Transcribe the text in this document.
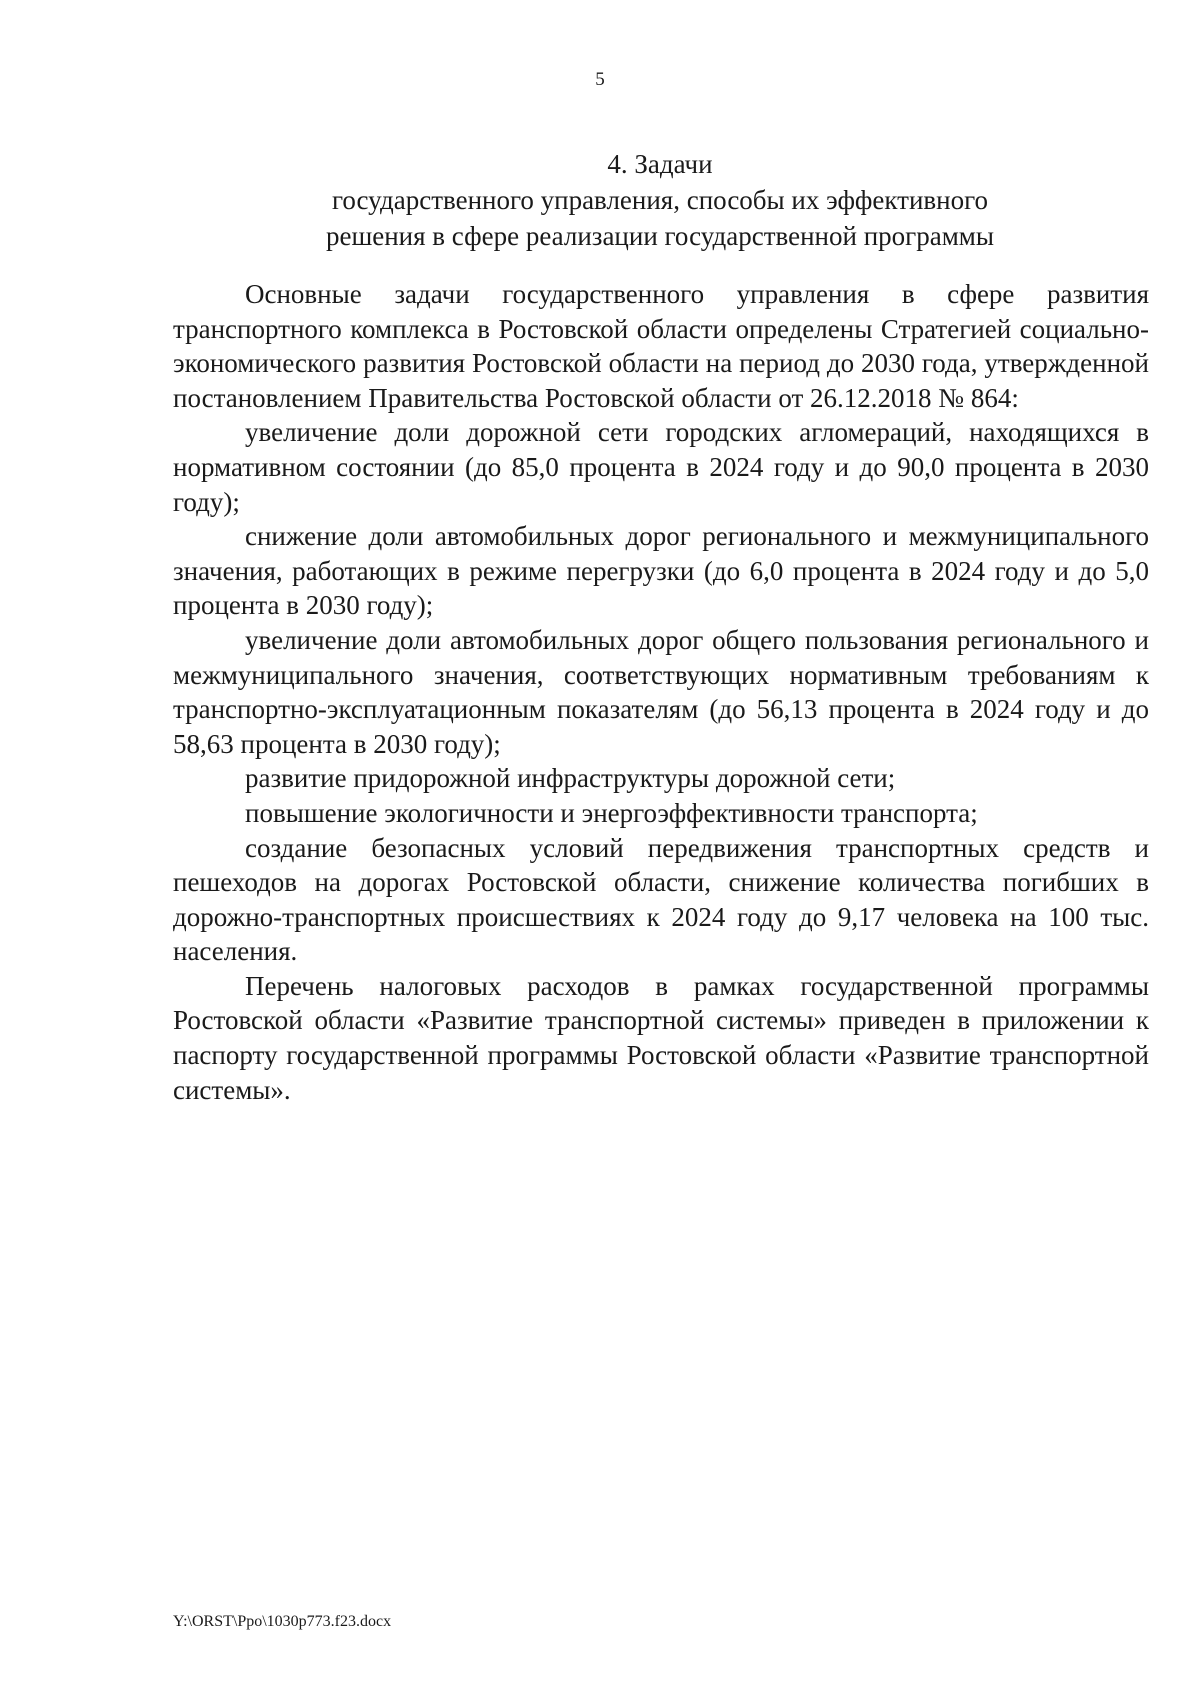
5
4. Задачи
государственного управления, способы их эффективного
решения в сфере реализации государственной программы

Основные задачи государственного управления в сфере развития транспортного комплекса в Ростовской области определены Стратегией социально-экономического развития Ростовской области на период до 2030 года, утвержденной постановлением Правительства Ростовской области от 26.12.2018 № 864:

увеличение доли дорожной сети городских агломераций, находящихся в нормативном состоянии (до 85,0 процента в 2024 году и до 90,0 процента в 2030 году);

снижение доли автомобильных дорог регионального и межмуниципального значения, работающих в режиме перегрузки (до 6,0 процента в 2024 году и до 5,0 процента в 2030 году);

увеличение доли автомобильных дорог общего пользования регионального и межмуниципального значения, соответствующих нормативным требованиям к транспортно-эксплуатационным показателям (до 56,13 процента в 2024 году и до 58,63 процента в 2030 году);

развитие придорожной инфраструктуры дорожной сети;

повышение экологичности и энергоэффективности транспорта;

создание безопасных условий передвижения транспортных средств и пешеходов на дорогах Ростовской области, снижение количества погибших в дорожно-транспортных происшествиях к 2024 году до 9,17 человека на 100 тыс. населения.

Перечень налоговых расходов в рамках государственной программы Ростовской области «Развитие транспортной системы» приведен в приложении к паспорту государственной программы Ростовской области «Развитие транспортной системы».

Y:\ORST\Ppo\1030p773.f23.docx
